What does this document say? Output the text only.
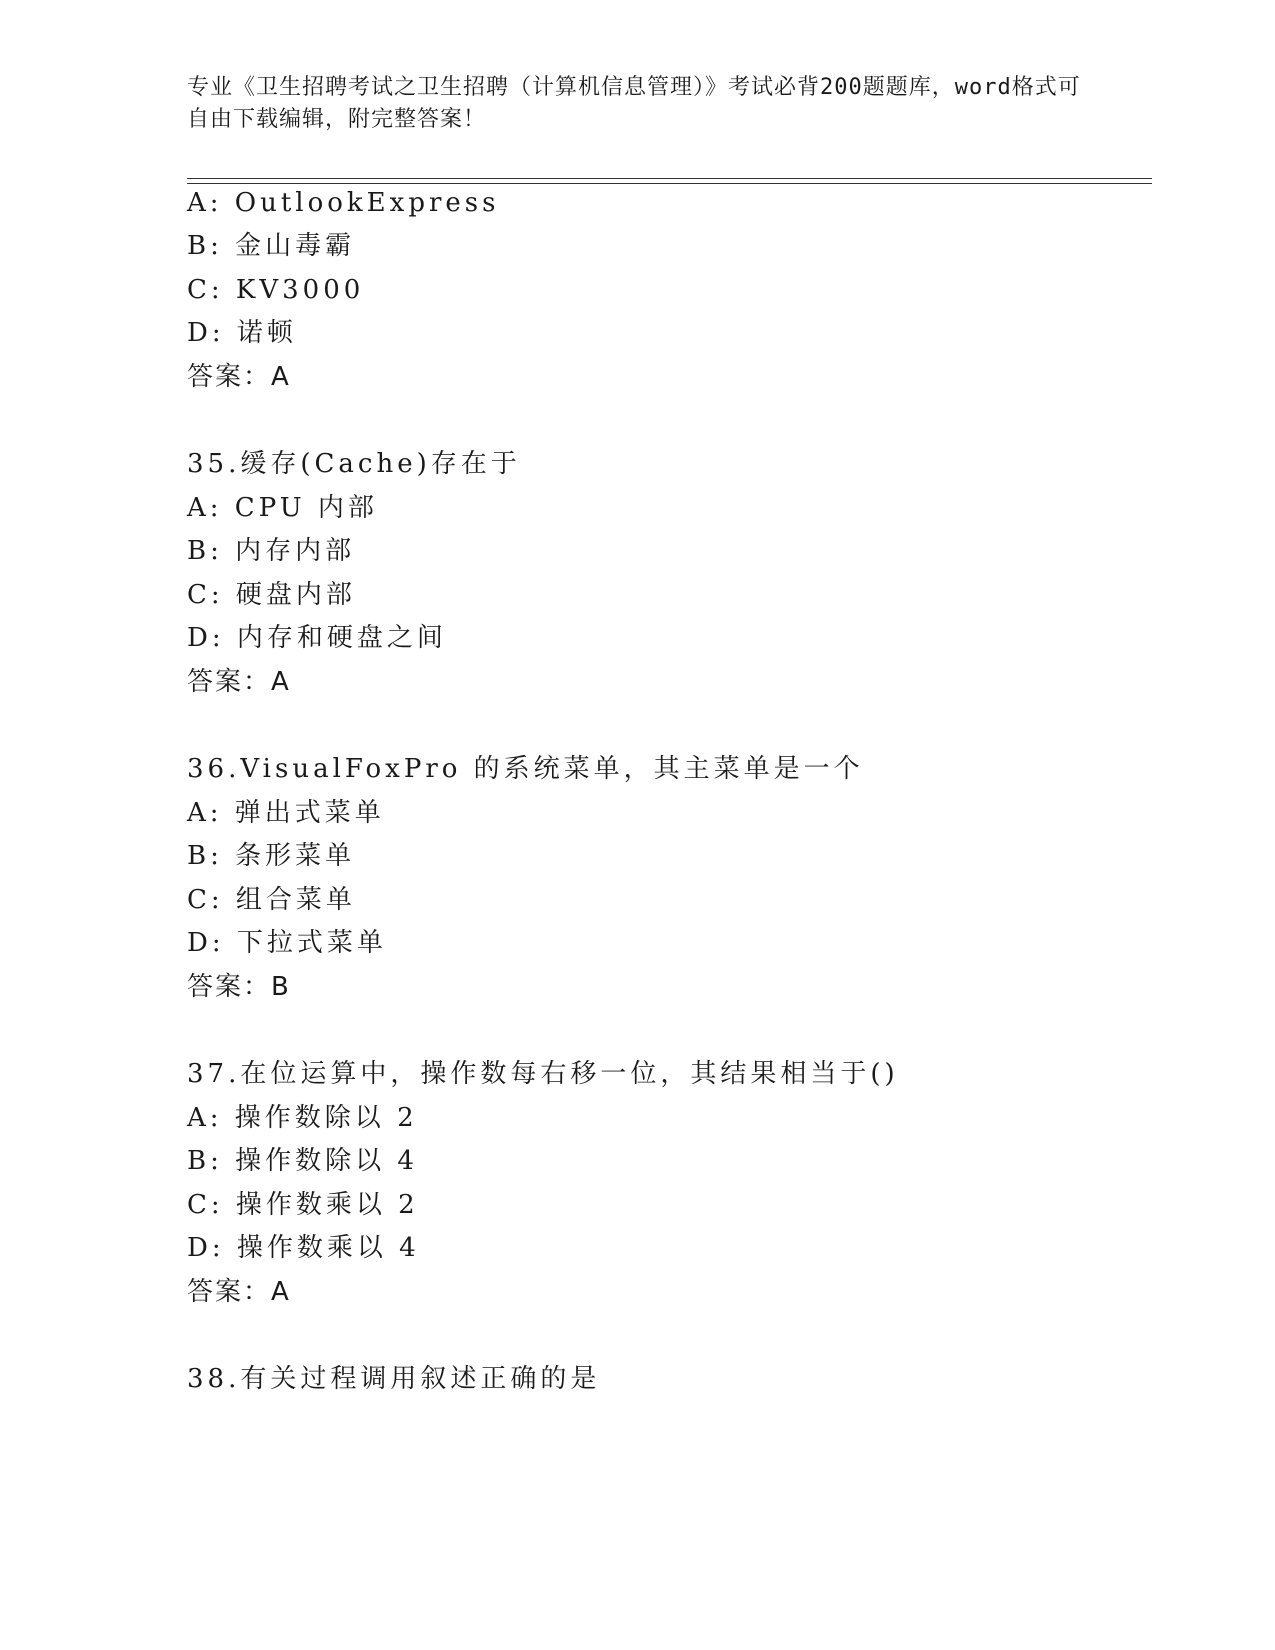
专业《卫生招聘考试之卫生招聘（计算机信息管理）》考试必背200题题库，word格式可自由下载编辑，附完整答案！
A: OutlookExpress
B: 金山毒霸
C: KV3000
D: 诺顿
答案：A
35.缓存(Cache)存在于
A: CPU 内部
B: 内存内部
C: 硬盘内部
D: 内存和硬盘之间
答案：A
36.VisualFoxPro 的系统菜单，其主菜单是一个
A: 弹出式菜单
B: 条形菜单
C: 组合菜单
D: 下拉式菜单
答案：B
37.在位运算中，操作数每右移一位，其结果相当于()
A: 操作数除以 2
B: 操作数除以 4
C: 操作数乘以 2
D: 操作数乘以 4
答案：A
38.有关过程调用叙述正确的是
